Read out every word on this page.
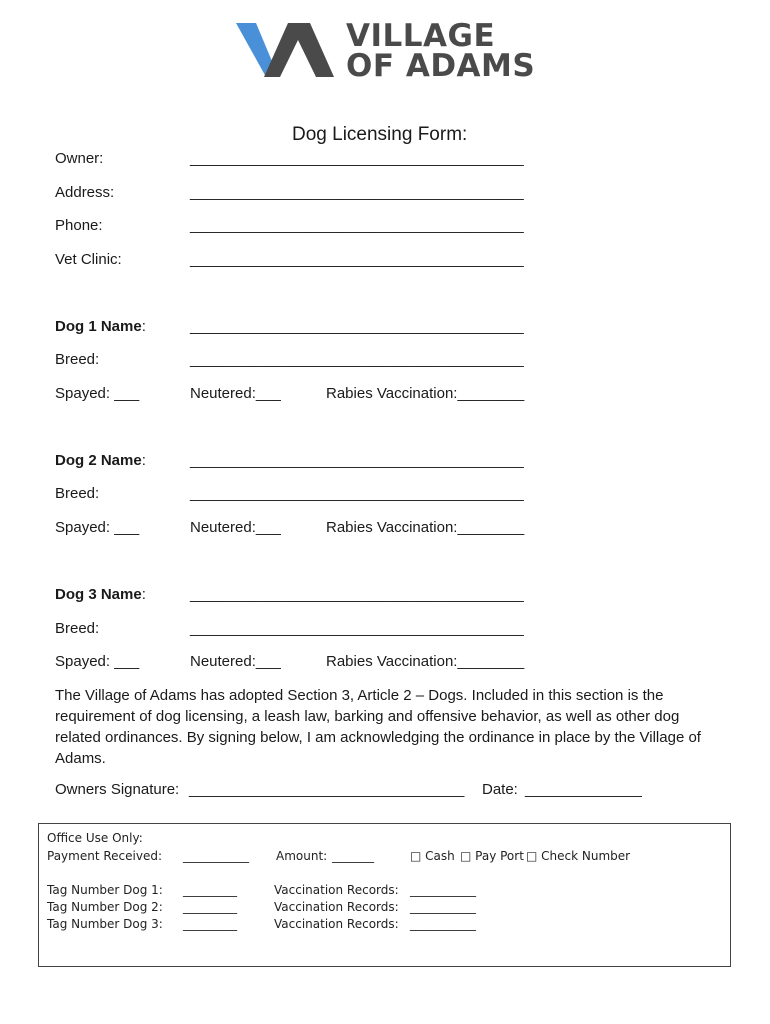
VILLAGE
OF ADAMS
Dog Licensing Form:
Owner:	________________________________________
Address:	________________________________________
Phone:	________________________________________
Vet Clinic:	________________________________________
Dog 1 Name:	________________________________________
Breed:	________________________________________
Spayed: ___	Neutered:___	Rabies Vaccination:________
Dog 2 Name:	________________________________________
Breed:	________________________________________
Spayed: ___	Neutered:___	Rabies Vaccination:________
Dog 3 Name:	________________________________________
Breed:	________________________________________
Spayed: ___	Neutered:___	Rabies Vaccination:________
The Village of Adams has adopted Section 3, Article 2 – Dogs. Included in this section is the requirement of dog licensing, a leash law, barking and offensive behavior, as well as other dog related ordinances. By signing below, I am acknowledging the ordinance in place by the Village of Adams.
Owners Signature: _________________________________ Date: ______________
Office Use Only:
Payment Received: ___________ Amount: _______	□ Cash □ Pay Port □ Check Number
Tag Number Dog 1: _________	Vaccination Records: ___________
Tag Number Dog 2: _________	Vaccination Records: ___________
Tag Number Dog 3: _________	Vaccination Records: ___________
